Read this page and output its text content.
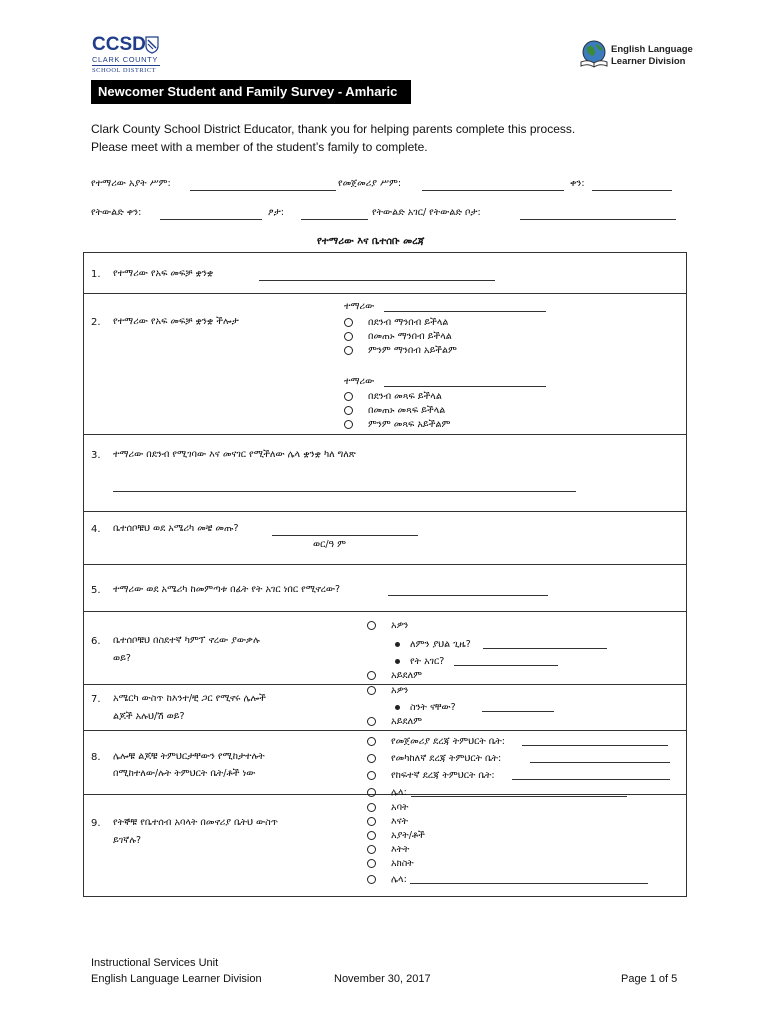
CCSD
CLARK COUNTY
SCHOOL DISTRICT
English Language
Learner Division
Newcomer Student and Family Survey - Amharic
Clark County School District Educator, thank you for helping parents complete this process.
Please meet with a member of the student’s family to complete.
የተማሪው አያት ሥም:	የመጀመሪያ ሥም:	ቀን:
የትውልድ ቀን:	ፆታ:	የትውልድ አገር/ የትውልድ ቦታ:
የተማሪው እና ቤተሰቡ መረጃ
1. የተማሪው የአፍ መፍቻ ቋንቋ
2. የተማሪው የአፍ መፍቻ ቋንቋ ችሎታ
ተማሪው
በደንብ ማንበብ ይችላል
በመጠኑ ማንበብ ይችላል
ምንም ማንበብ አይችልም
ተማሪው
በደንብ መጻፍ ይችላል
በመጠኑ መጻፍ ይችላል
ምንም መጻፍ አይችልም
3. ተማሪው በደንብ የሚገባው እና መናገር የሚችለው ሌላ ቋንቋ ካለ ግለጽ
4. ቤተሰቦቹህ ወደ አሜሪካ መቼ መጡ?
ወር/ዓ ም
5. ተማሪው ወደ አሜሪካ ከመምጣቱ በፊት የት አገር ነበር የሚኖረው?
6. ቤተሰቦቹህ በስደተኛ ካምፕ ኖረው ያውቃሉ
ወይ?
አዎን
ለምን ያህል ጊዜ?
የት አገር?
አይደለም
7. አሜርካ ውስጥ ከእንተ/ቺ ጋር የሚኖሩ ሌሎች
ልጆች አሉህ/ሽ ወይ?
አዎን
ስንት ናቸው?
አይደለም
8. ሌሎቹ ልጆቹ ትምህርታቸውን የሚከታተሉት
በሚከተለው/ሉት ትምህርት ቤት/ቶች ነው
የመጀመሪያ ደረጃ ትምህርት ቤት:
የመካከለኛ ደረጃ ትምህርት ቤት:
የከፍተኛ ደረጃ ትምህርት ቤት:
ሌላ:
9. የትኞቹ የቤተሰብ አባላት በመኖሪያ ቤትህ ውስጥ
ይገኛሉ?
አባት
እናት
አያት/ቶች
እትት
አክስት
ሌላ:
Instructional Services Unit
English Language Learner Division	November 30, 2017	Page 1 of 5
